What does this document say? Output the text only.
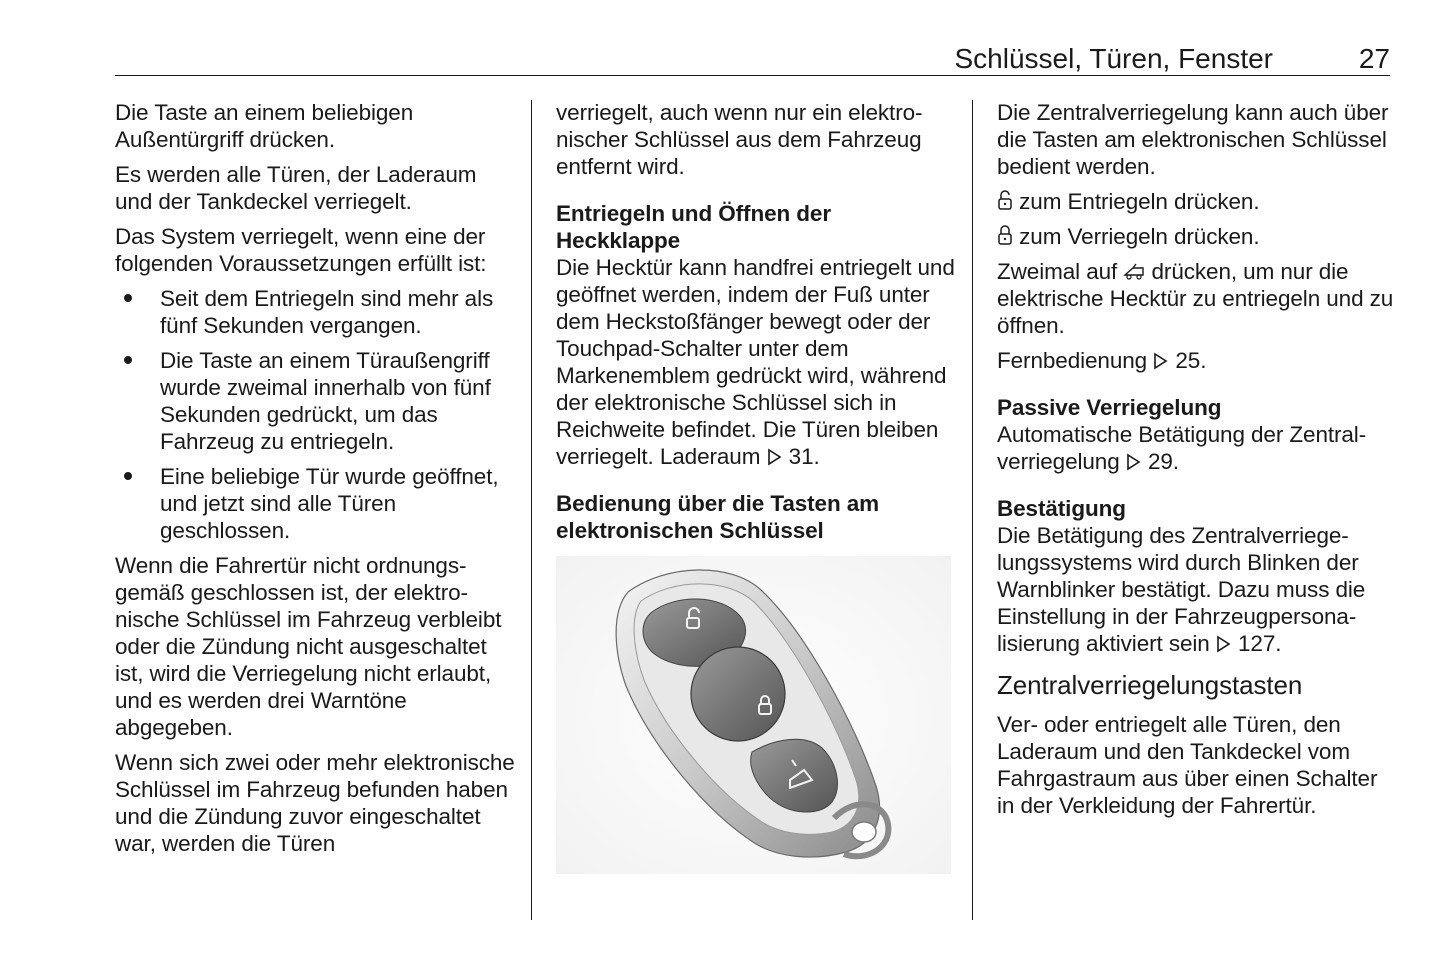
Schlüssel, Türen, Fenster	27

Die Taste an einem beliebigen Außentürgriff drücken.

Es werden alle Türen, der Laderaum und der Tankdeckel verriegelt.

Das System verriegelt, wenn eine der folgenden Voraussetzungen erfüllt ist:

Seit dem Entriegeln sind mehr als fünf Sekunden vergangen.
Die Taste an einem Türaußengriff wurde zweimal innerhalb von fünf Sekunden gedrückt, um das Fahrzeug zu entriegeln.
Eine beliebige Tür wurde geöffnet, und jetzt sind alle Türen geschlossen.

Wenn die Fahrertür nicht ordnungsgemäß geschlossen ist, der elektronische Schlüssel im Fahrzeug verbleibt oder die Zündung nicht ausgeschaltet ist, wird die Verriegelung nicht erlaubt, und es werden drei Warntöne abgegeben.

Wenn sich zwei oder mehr elektronische Schlüssel im Fahrzeug befunden haben und die Zündung zuvor eingeschaltet war, werden die Türen

verriegelt, auch wenn nur ein elektronischer Schlüssel aus dem Fahrzeug entfernt wird.

Entriegeln und Öffnen der Heckklappe

Die Hecktür kann handfrei entriegelt und geöffnet werden, indem der Fuß unter dem Heckstoßfänger bewegt oder der Touchpad-Schalter unter dem Markenemblem gedrückt wird, während der elektronische Schlüssel sich in Reichweite befindet. Die Türen bleiben verriegelt. Laderaum 31.

Bedienung über die Tasten am elektronischen Schlüssel

Die Zentralverriegelung kann auch über die Tasten am elektronischen Schlüssel bedient werden.

zum Entriegeln drücken.

zum Verriegeln drücken.

Zweimal auf drücken, um nur die elektrische Hecktür zu entriegeln und zu öffnen.

Fernbedienung 25.

Passive Verriegelung

Automatische Betätigung der Zentralverriegelung 29.

Bestätigung

Die Betätigung des Zentralverriegelungssystems wird durch Blinken der Warnblinker bestätigt. Dazu muss die Einstellung in der Fahrzeugpersonalisierung aktiviert sein 127.

Zentralverriegelungstasten

Ver- oder entriegelt alle Türen, den Laderaum und den Tankdeckel vom Fahrgastraum aus über einen Schalter in der Verkleidung der Fahrertür.
